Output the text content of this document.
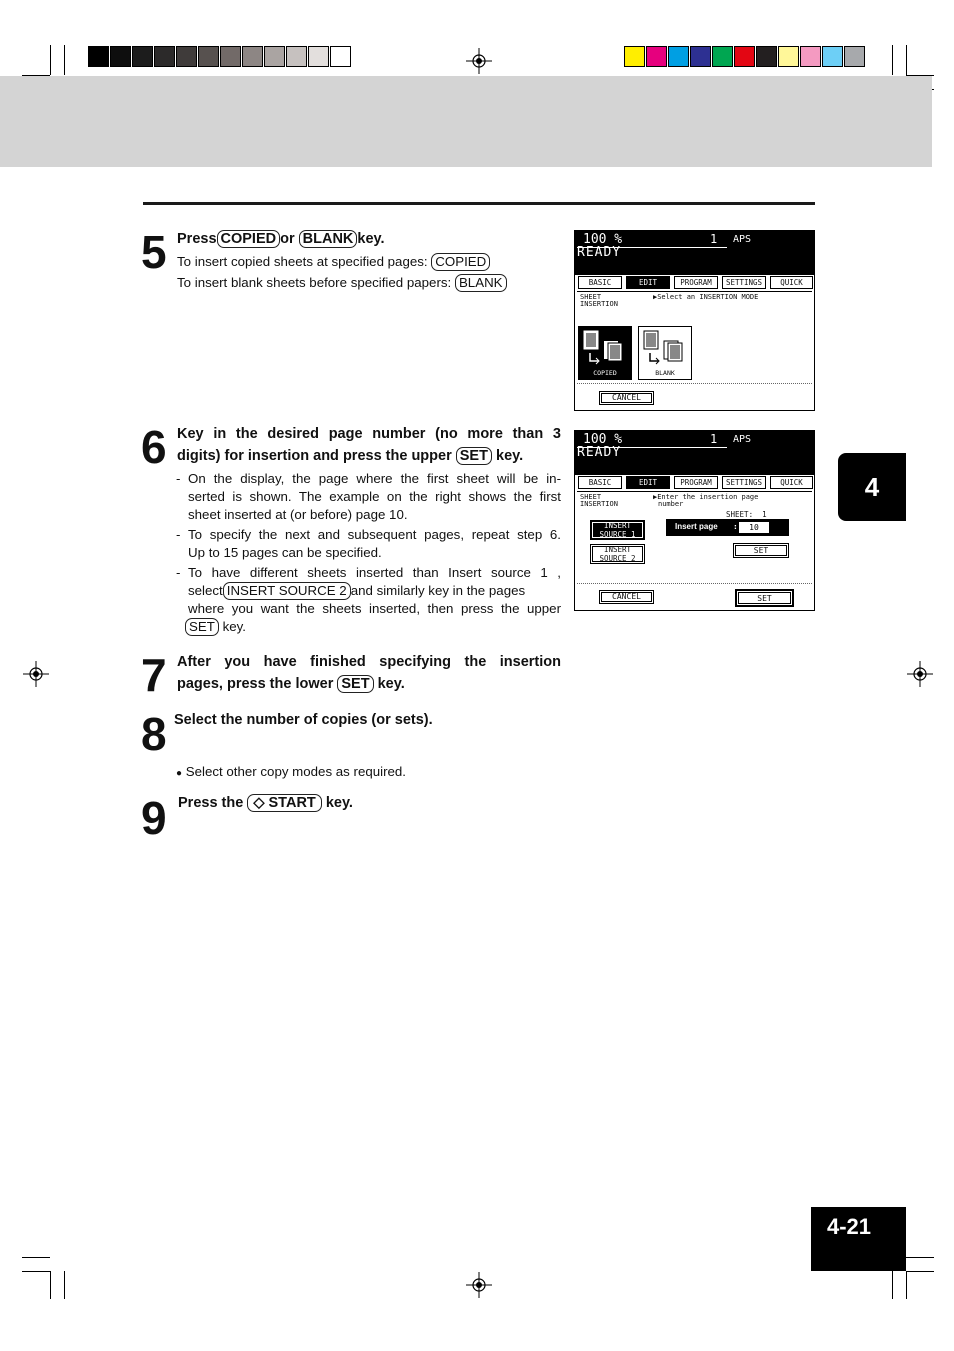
4
5 Press COPIED or BLANK key.
To insert copied sheets at specified pages: COPIED
To insert blank sheets before specified papers: BLANK
6 Key in the desired page number (no more than 3
digits) for insertion and press the upper SET key.
- On the display, the page where the first sheet will be in-
serted is shown. The example on the right shows the first
sheet inserted at (or before) page 10.
- To specify the next and subsequent pages, repeat step 6.
Up to 15 pages can be specified.
- To have different sheets inserted than Insert source 1 ,
select INSERT SOURCE 2 and similarly key in the pages
where you want the sheets inserted, then press the upper
SET key.
7 After you have finished specifying the insertion
pages, press the lower SET key.
8 Select the number of copies (or sets).
● Select other copy modes as required.
9 Press the ◇ START key.
100 %	1 APS
READY
BASIC	EDIT	PROGRAM	SETTINGS	QUICK
SHEET
INSERTION
▶Select an INSERTION MODE
COPIED	BLANK
CANCEL
100 %	1 APS
READY
BASIC	EDIT	PROGRAM	SETTINGS	QUICK
SHEET
INSERTION
▶Enter the insertion page
number
INSERT
SOURCE 1
INSERT
SOURCE 2
SHEET:  1
Insert page :	10
SET
CANCEL	SET
4-21
